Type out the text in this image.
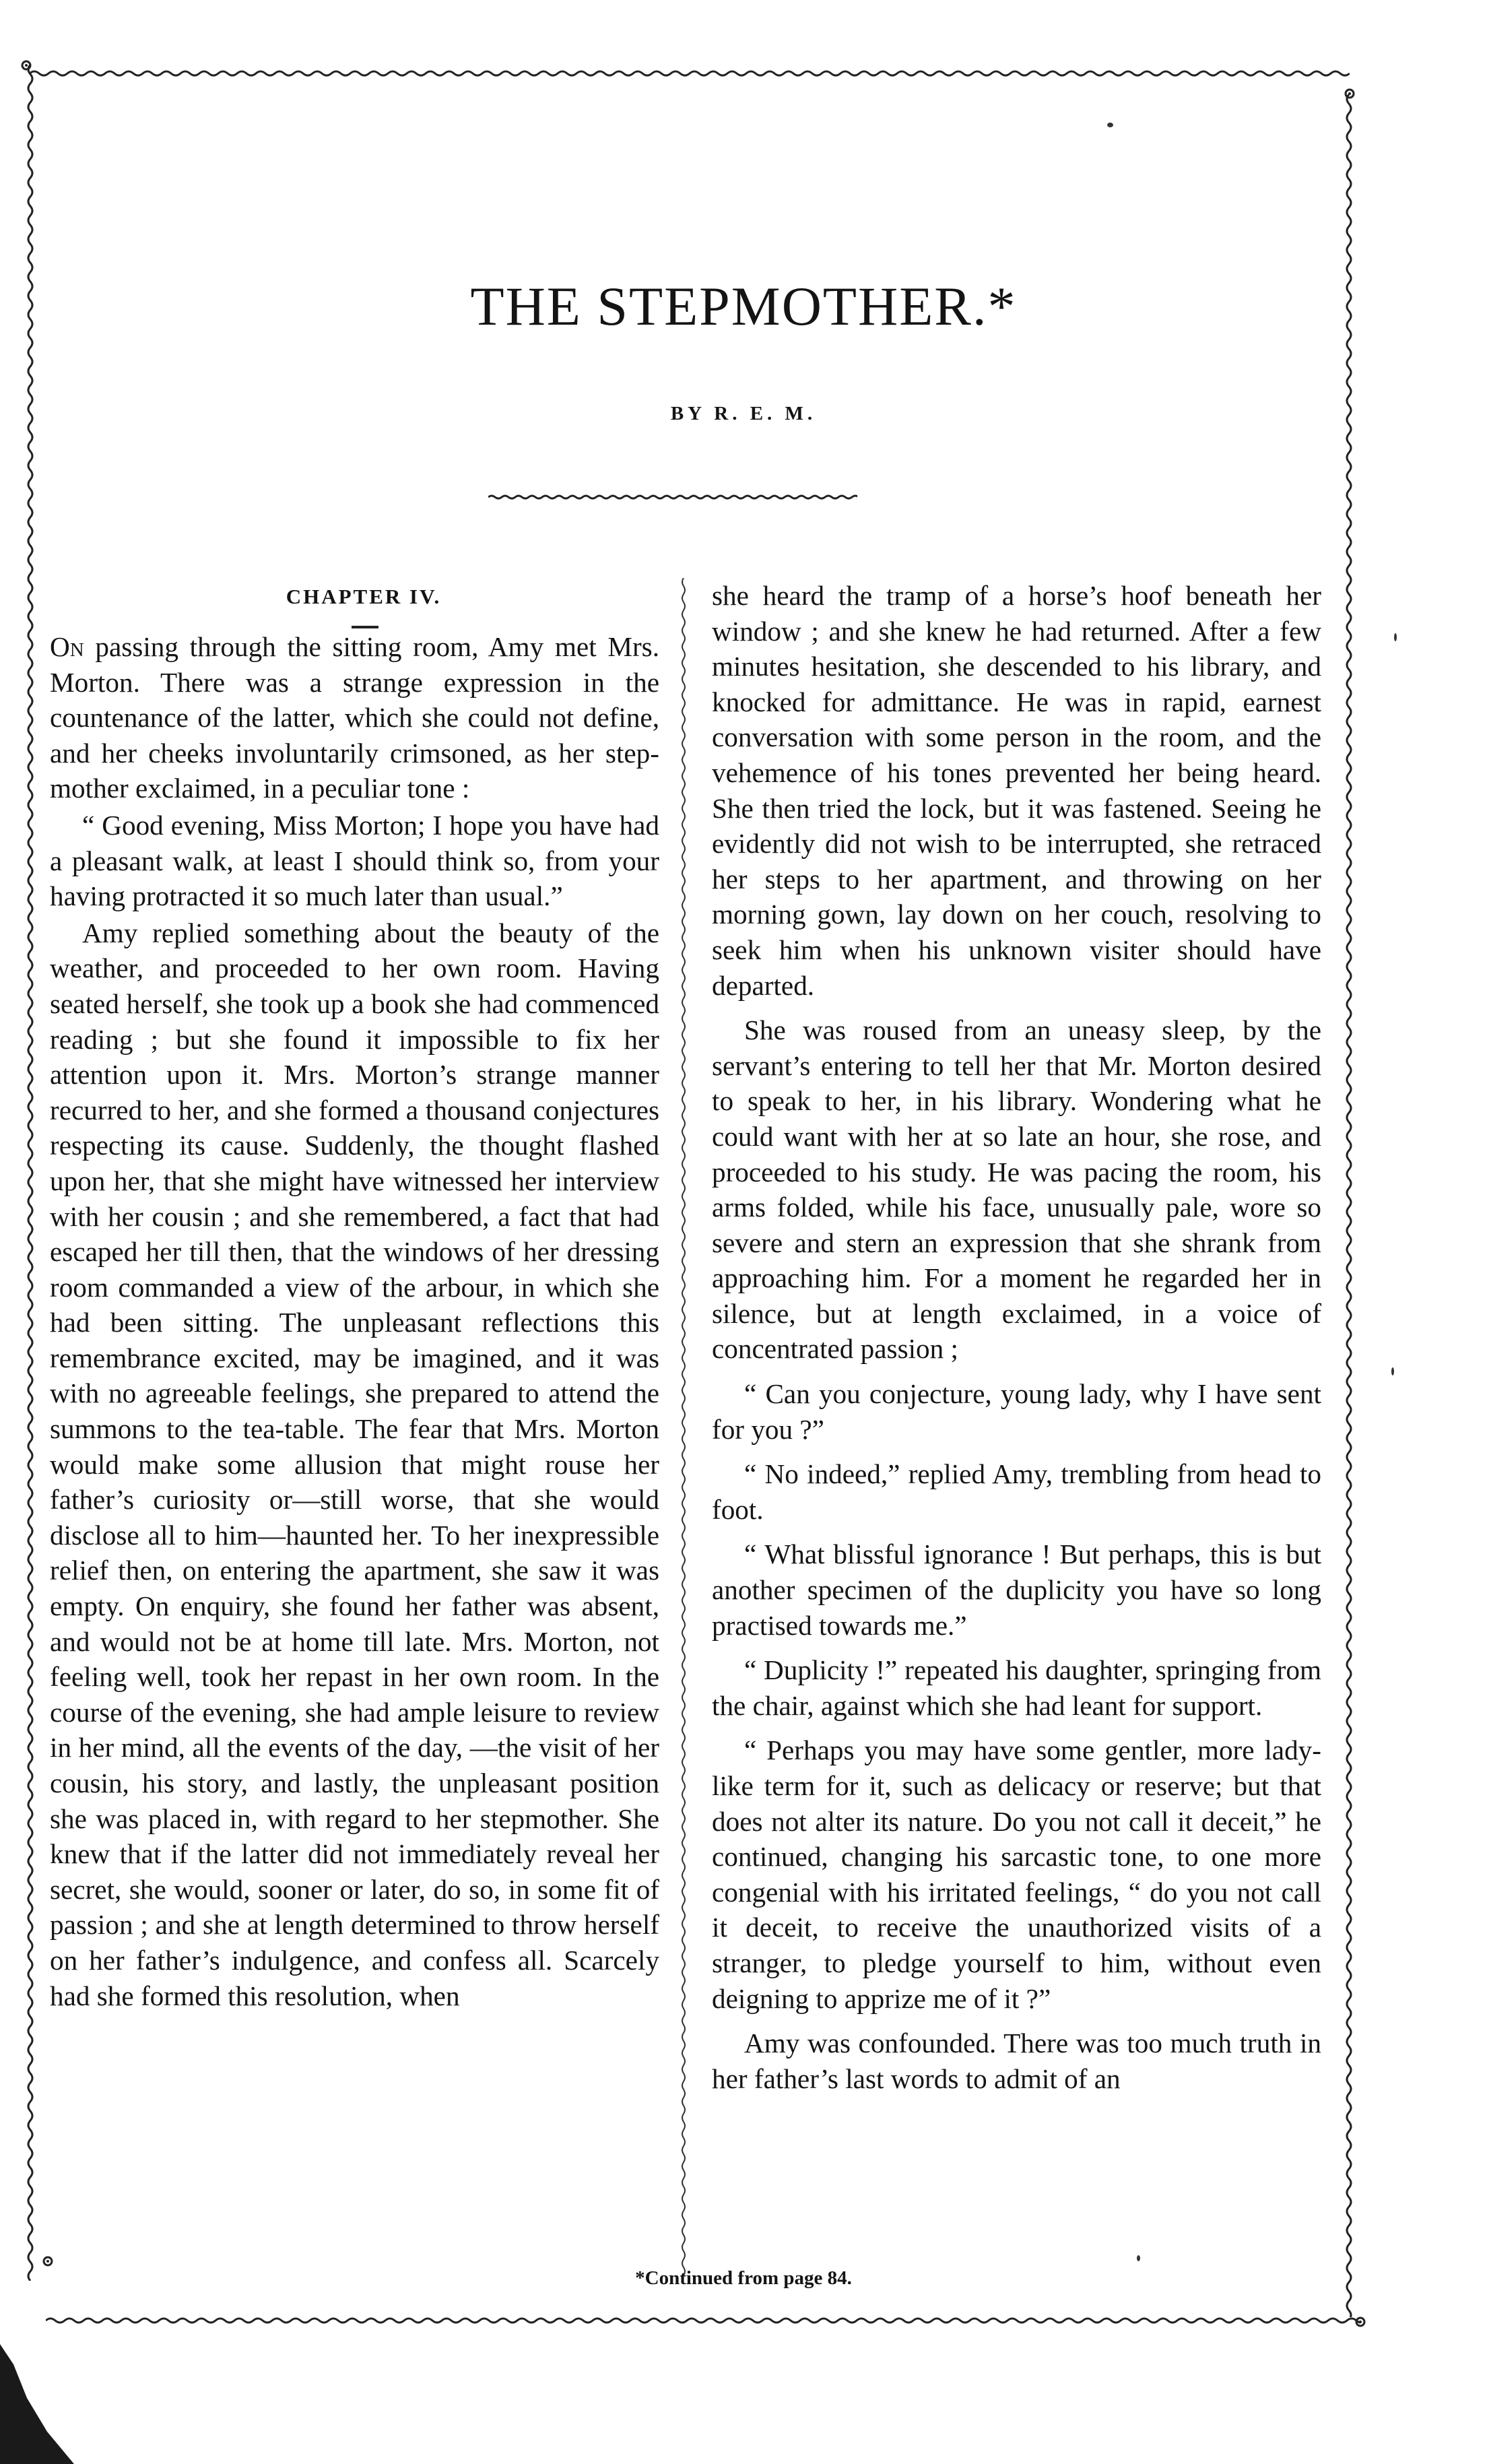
THE STEPMOTHER.*
BY R. E. M.
CHAPTER IV.

On passing through the sitting room, Amy met Mrs. Morton. There was a strange expression in the countenance of the latter, which she could not define, and her cheeks involuntarily crimsoned, as her step-mother exclaimed, in a peculiar tone :

“ Good evening, Miss Morton; I hope you have had a pleasant walk, at least I should think so, from your having protracted it so much later than usual.”

Amy replied something about the beauty of the weather, and proceeded to her own room. Having seated herself, she took up a book she had commenced reading ; but she found it impossible to fix her attention upon it. Mrs. Morton’s strange manner recurred to her, and she formed a thousand conjectures respecting its cause. Suddenly, the thought flashed upon her, that she might have witnessed her interview with her cousin ; and she remembered, a fact that had escaped her till then, that the windows of her dressing room commanded a view of the arbour, in which she had been sitting. The unpleasant reflections this remembrance excited, may be imagined, and it was with no agreeable feelings, she prepared to attend the summons to the tea-table. The fear that Mrs. Morton would make some allusion that might rouse her father’s curiosity or—still worse, that she would disclose all to him—haunted her. To her inexpressible relief then, on entering the apartment, she saw it was empty. On enquiry, she found her father was absent, and would not be at home till late. Mrs. Morton, not feeling well, took her repast in her own room. In the course of the evening, she had ample leisure to review in her mind, all the events of the day, —the visit of her cousin, his story, and lastly, the unpleasant position she was placed in, with regard to her stepmother. She knew that if the latter did not immediately reveal her secret, she would, sooner or later, do so, in some fit of passion ; and she at length determined to throw herself on her father’s indulgence, and confess all. Scarcely had she formed this resolution, when

she heard the tramp of a horse’s hoof beneath her window ; and she knew he had returned. After a few minutes hesitation, she descended to his library, and knocked for admittance. He was in rapid, earnest conversation with some person in the room, and the vehemence of his tones prevented her being heard. She then tried the lock, but it was fastened. Seeing he evidently did not wish to be interrupted, she retraced her steps to her apartment, and throwing on her morning gown, lay down on her couch, resolving to seek him when his unknown visiter should have departed.

She was roused from an uneasy sleep, by the servant’s entering to tell her that Mr. Morton desired to speak to her, in his library. Wondering what he could want with her at so late an hour, she rose, and proceeded to his study. He was pacing the room, his arms folded, while his face, unusually pale, wore so severe and stern an expression that she shrank from approaching him. For a moment he regarded her in silence, but at length exclaimed, in a voice of concentrated passion ;

“ Can you conjecture, young lady, why I have sent for you ?”

“ No indeed,” replied Amy, trembling from head to foot.

“ What blissful ignorance ! But perhaps, this is but another specimen of the duplicity you have so long practised towards me.”

“ Duplicity !” repeated his daughter, springing from the chair, against which she had leant for support.

“ Perhaps you may have some gentler, more lady-like term for it, such as delicacy or reserve; but that does not alter its nature. Do you not call it deceit,” he continued, changing his sarcastic tone, to one more congenial with his irritated feelings, “ do you not call it deceit, to receive the unauthorized visits of a stranger, to pledge yourself to him, without even deigning to apprize me of it ?”

Amy was confounded. There was too much truth in her father’s last words to admit of an

*Continued from page 84.
